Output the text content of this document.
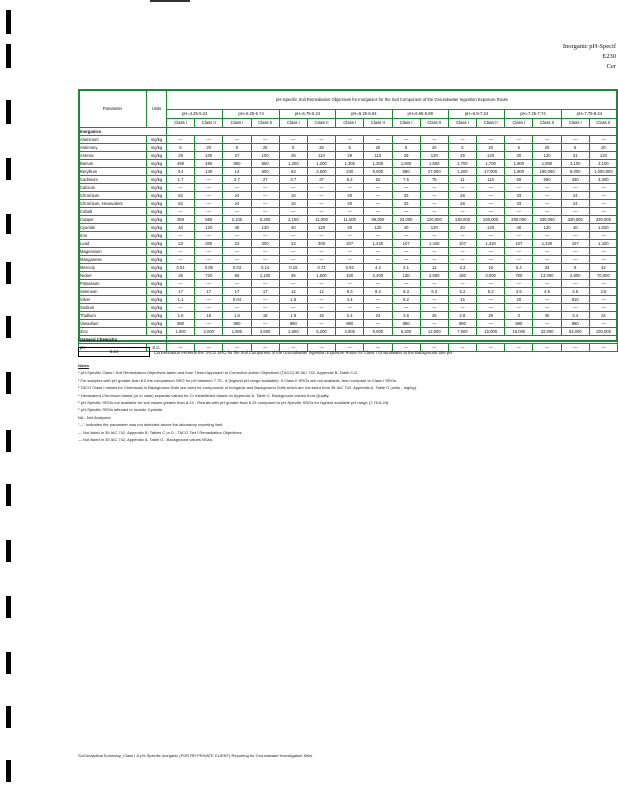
Inorganic pH-Specif
E230
Cer
Parameter	Units	pH-Specific Soil Remediation Objectives for Inorganics for the Soil Component of the Groundwater Ingestion Exposure Route															
		pH=4.25-5.24		pH=5.25-5.74		pH=5.75-6.24		pH=6.25-6.64		pH=6.65-6.89		pH=6.9-7.24		pH=7.25-7.74		pH=7.75-8.24	
		Class I	Class II	Class I	Class II	Class I	Class II	Class I	Class II	Class I	Class II	Class I	Class II	Class I	Class II	Class I	Class II
Inorganics																	
Aluminum	mg/kg	—	—	—	—	—	—	—	—	—	—	—	—	—	—	—	—
Antimony	mg/kg	5	20	5	20	5	20	5	20	5	20	5	20	5	20	5	20
Arsenic	mg/kg	25	100	27	100	28	110	29	110	29	120	29	120	30	120	31	120
Barium	mg/kg	490	490	850	850	1,200	1,200	1,300	1,300	1,600	1,600	1,700	1,700	1,800	1,800	2,100	2,100
Beryllium	mg/kg	3.4	140	14	600	63	2,500	230	9,000	680	27,000	1,200	47,000	1,800	180,000	8,000	1,000,000
Cadmium	mg/kg	1.7	—	2.7	27	3.7	37	5.2	52	7.5	75	11	110	59	590	430	4,300
Calcium	mg/kg	—	—	—	—	—	—	—	—	—	—	—	—	—	—	—	—
Chromium	mg/kg	62	—	24	—	16	—	40	—	33	—	28	—	33	—	24	—
Chromium, Hexavalent	mg/kg	62	—	24	—	16	—	40	—	33	—	28	—	33	—	24	—
Cobalt	mg/kg	—	—	—	—	—	—	—	—	—	—	—	—	—	—	—	—
Copper	mg/kg	350	580	2,100	5,200	2,100	11,000	11,000	59,000	23,000	120,000	130,000	230,000	200,000	330,000	330,000	330,000
Cyanide	mg/kg	40	120	40	120	40	120	40	120	40	120	40	120	40	120	40	1,020
Iron	mg/kg	—	—	—	—	—	—	—	—	—	—	—	—	—	—	—	—
Lead	mg/kg	23	300	23	300	23	300	107	1,420	107	1,420	107	1,420	107	1,420	107	1,420
Magnesium	mg/kg	—	—	—	—	—	—	—	—	—	—	—	—	—	—	—	—
Manganese	mg/kg	—	—	—	—	—	—	—	—	—	—	—	—	—	—	—	—
Mercury	mg/kg	0.01	0.05	0.03	0.14	0.15	0.72	0.92	4.4	2.1	12	3.3	16	6.4	33	9	42
Nickel	mg/kg	36	720	56	1,100	36	1,500	100	2,400	130	2,500	180	3,500	700	13,000	2,800	70,000
Potassium	mg/kg	—	—	—	—	—	—	—	—	—	—	—	—	—	—	—	—
Selenium	mg/kg	17	17	17	17	12	12	8.3	8.3	6.3	6.3	5.2	5.2	4.5	4.5	3.5	3.5
Silver	mg/kg	1.1	—	0.04	—	1.6	—	4.4	—	8.2	—	15	—	20	—	810	—
Sodium	mg/kg	—	—	—	—	—	—	—	—	—	—	—	—	—	—	—	—
Thallium	mg/kg	1.6	16	1.6	18	1.8	18	2.4	24	2.6	26	2.8	28	3	30	3.4	34
Vanadium	mg/kg	980	—	980	—	980	—	980	—	980	—	980	—	980	—	980	—
Zinc	mg/kg	1,000	2,000	1,800	3,600	2,600	5,200	4,500	9,000	6,200	12,000	7,500	15,000	16,000	32,000	53,000	100,000
General Chemistry																	
pH	S.U.	—	—	—	—	—	—	—	—	—	—	—	—	—	—	—	—
6.24	Concentration exceeds the TACO SRO for the Soil Component of the Groundwater Ingestion Exposure Route for Class I Groundwater at the Background Site pH.
Notes
* pH-Specific Class I Soil Remediation Objectives taken and from Tiered Approach to Corrective Action Objectives (TACO) 35 IAC 742, Appendix B, Table C-D.
² For samples with pH greater than 8.0 the comparison SRO for pH between 7.75 - 8 (highest pH range available). If Class II SROs are not available, then compare to Class I SROs.
³ TACO Class I values for Chemicals in Background Soils are used for compounds of Inorganic and Background Soils which are not listed from 35 IAC 742, Appendix A, Table G (units - mg/kg).
⁴ Hexavalent Chromium based (or in case) separate values for Cr established based on Appendix A, Table C, Background values from Quality.
⁵ pH-Specific SROs not available for soil values greater than 8.24 - Results with pH greater than 8.24 compared to pH-Specific SROs for highest available pH range (7.75-8.24).
⁶ pH-Specific SROs affected to include Cyanide.
NA - Not Analyzed
"—" Indicates the parameter was not detected above the laboratory reporting limit.
— Not listed in 35 IAC 742, Appendix B, Tables C or D - TACO Tier I Remediation Objectives.
— Not listed in 35 IAC 742, Appendix A, Table G - Background values NSAs.
Soil Analytical Summary_Class I & pH-Specific Inorganic (FOR RR PRIVATE CLIENT) Reporting for Groundwater Investigation Sites
